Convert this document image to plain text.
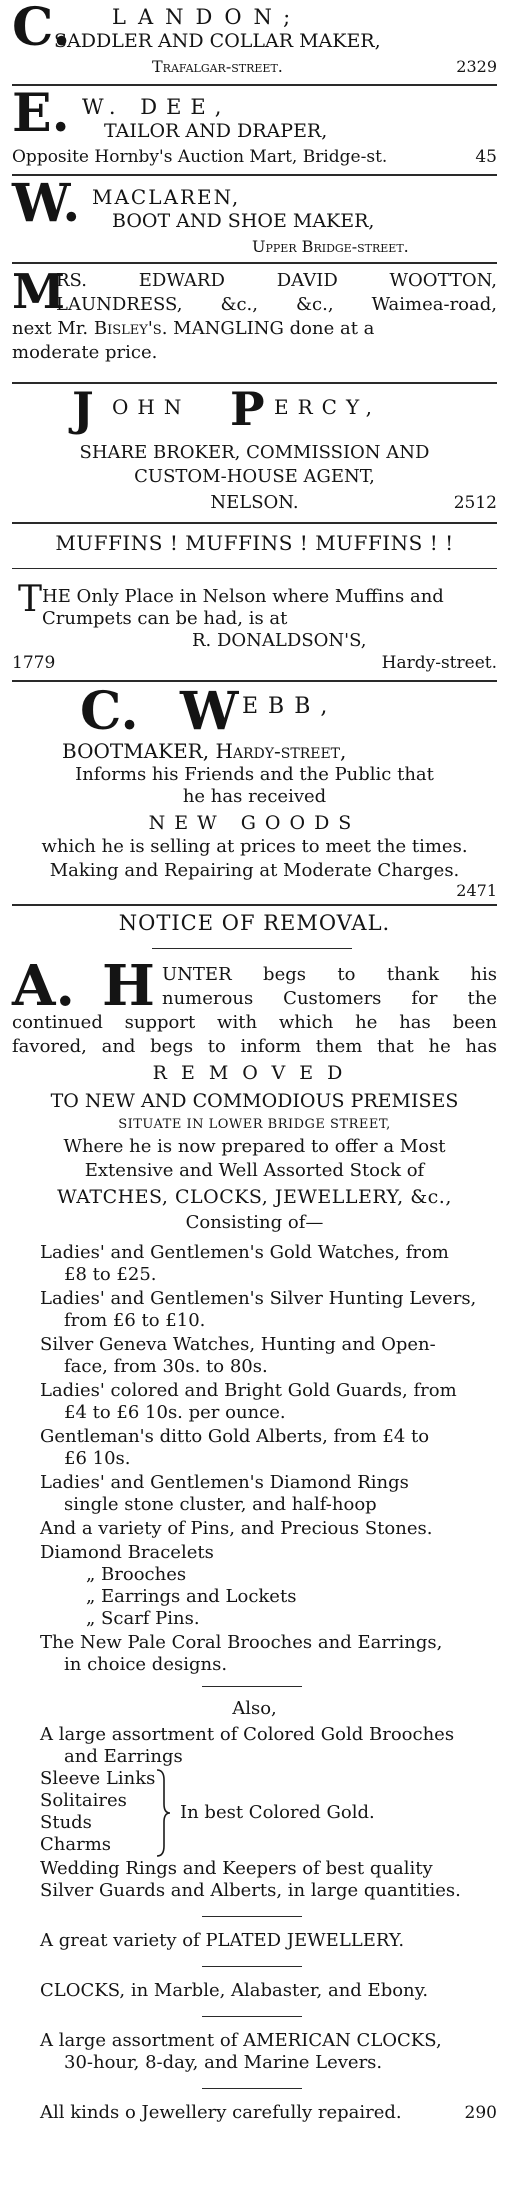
C. LANDON;
SADDLER AND COLLAR MAKER,
Trafalgar-street.	2329
E. W. DEE,
TAILOR AND DRAPER,
Opposite Hornby's Auction Mart, Bridge-st.	45
W. MACLAREN,
BOOT AND SHOE MAKER,
Upper Bridge-street.
M
RS. EDWARD DAVID WOOTTON,
LAUNDRESS, &c., &c., Waimea-road,
next Mr. Bisley's. MANGLING done at a
moderate price.
J OHN P ERCY,
SHARE BROKER, COMMISSION AND
CUSTOM-HOUSE AGENT,
NELSON.	2512
MUFFINS ! MUFFINS ! MUFFINS ! !
T HE Only Place in Nelson where Muffins and
Crumpets can be had, is at
R. DONALDSON'S,
1779	Hardy-street.
C. W EBB,
BOOTMAKER, Hardy-street,
Informs his Friends and the Public that
he has received
NEW GOODS
which he is selling at prices to meet the times.
Making and Repairing at Moderate Charges.
2471
NOTICE OF REMOVAL.
A. H UNTER begs to thank his
numerous Customers for the
continued support with which he has been
favored, and begs to inform them that he has
REMOVED
TO NEW AND COMMODIOUS PREMISES
SITUATE IN LOWER BRIDGE STREET,
Where he is now prepared to offer a Most
Extensive and Well Assorted Stock of
WATCHES, CLOCKS, JEWELLERY, &c.,
Consisting of—
Ladies' and Gentlemen's Gold Watches, from
£8 to £25.
Ladies' and Gentlemen's Silver Hunting Levers,
from £6 to £10.
Silver Geneva Watches, Hunting and Open-
face, from 30s. to 80s.
Ladies' colored and Bright Gold Guards, from
£4 to £6 10s. per ounce.
Gentleman's ditto Gold Alberts, from £4 to
£6 10s.
Ladies' and Gentlemen's Diamond Rings
single stone cluster, and half-hoop
And a variety of Pins, and Precious Stones.
Diamond Bracelets
„ Brooches
„ Earrings and Lockets
„ Scarf Pins.
The New Pale Coral Brooches and Earrings,
in choice designs.
Also,
A large assortment of Colored Gold Brooches
and Earrings
Sleeve Links
Solitaires
Studs
Charms
In best Colored Gold.
Wedding Rings and Keepers of best quality
Silver Guards and Alberts, in large quantities.
A great variety of PLATED JEWELLERY.
CLOCKS, in Marble, Alabaster, and Ebony.
A large assortment of AMERICAN CLOCKS,
30-hour, 8-day, and Marine Levers.
All kinds o Jewellery carefully repaired.	290
